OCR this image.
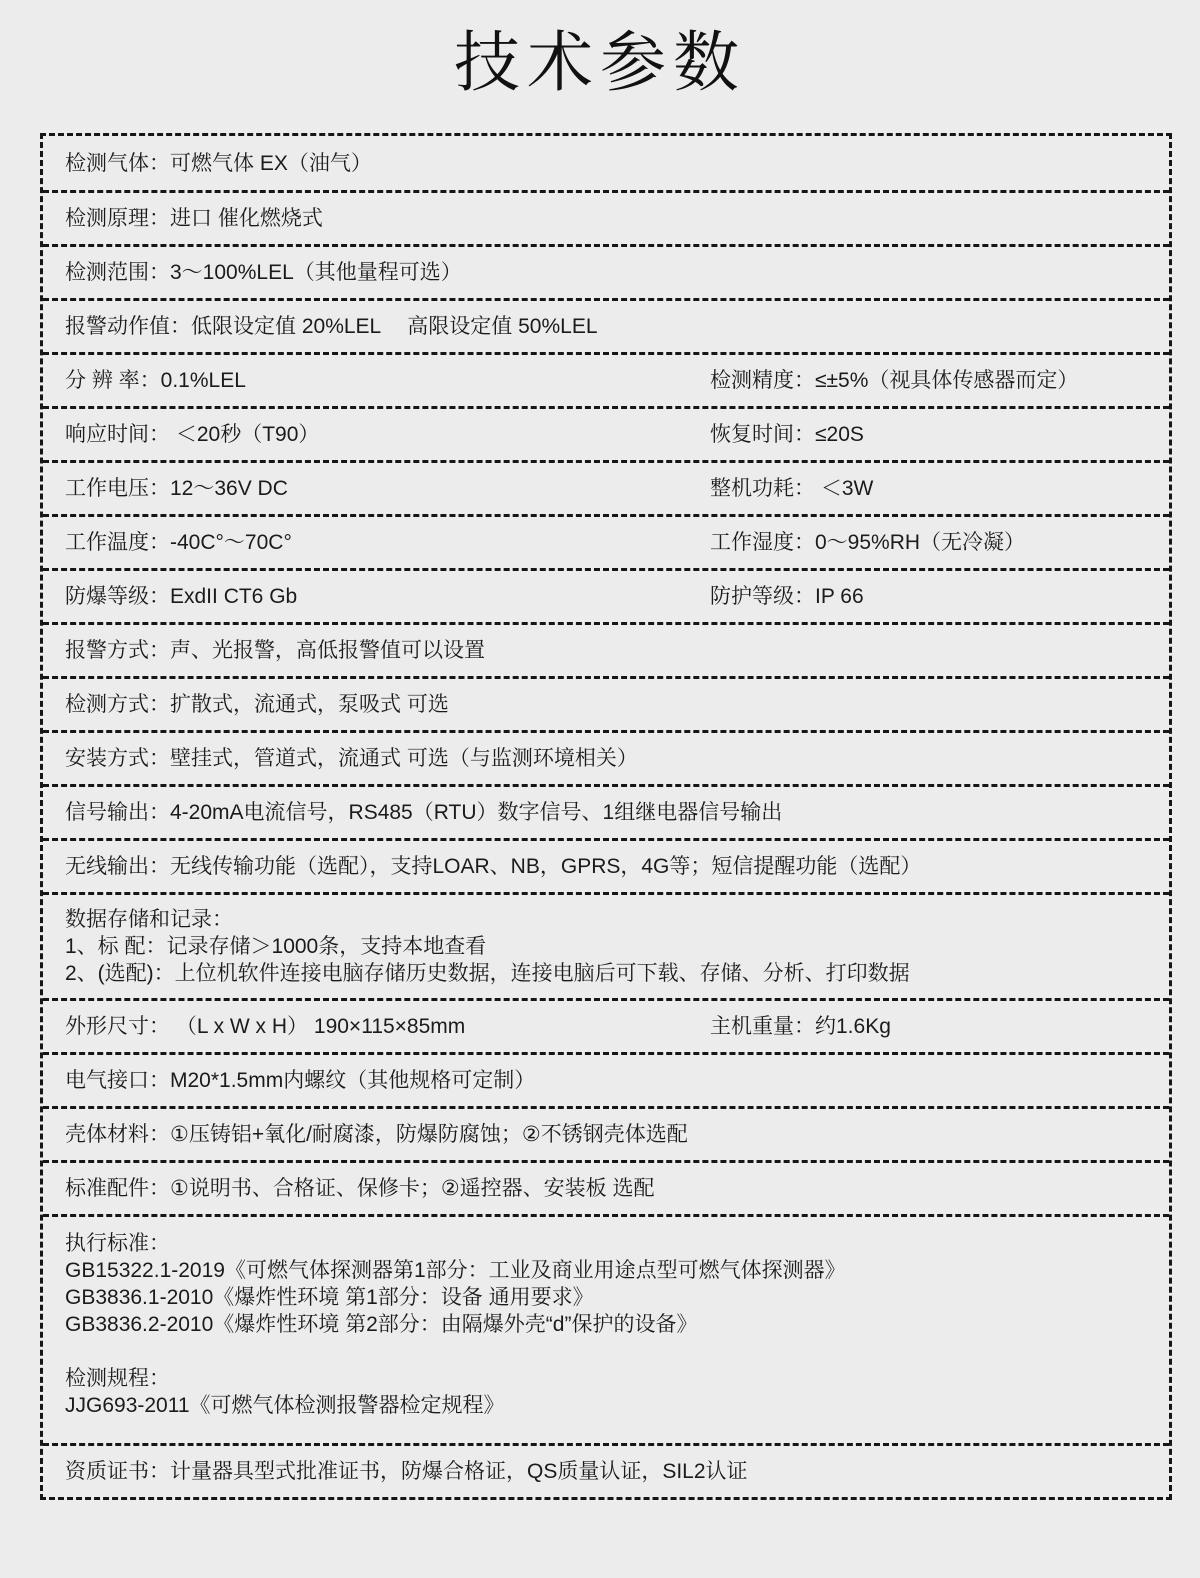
技术参数
检测气体：可燃气体 EX（油气）
检测原理：进口 催化燃烧式
检测范围：3～100%LEL（其他量程可选）
报警动作值：低限设定值 20%LEL　 高限设定值 50%LEL
分 辨 率：0.1%LEL	检测精度：≤±5%（视具体传感器而定）
响应时间： ＜20秒（T90）	恢复时间：≤20S
工作电压：12～36V DC	整机功耗： ＜3W
工作温度：-40C°～70C°	工作湿度：0～95%RH（无冷凝）
防爆等级：ExdII CT6 Gb	防护等级：IP 66
报警方式：声、光报警，高低报警值可以设置
检测方式：扩散式，流通式，泵吸式 可选
安装方式：壁挂式，管道式，流通式 可选（与监测环境相关）
信号输出：4-20mA电流信号，RS485（RTU）数字信号、1组继电器信号输出
无线输出：无线传输功能（选配），支持LOAR、NB，GPRS，4G等；短信提醒功能（选配）
数据存储和记录：
1、标 配：记录存储＞1000条，支持本地查看
2、(选配)：上位机软件连接电脑存储历史数据，连接电脑后可下载、存储、分析、打印数据
外形尺寸： （L x W x H） 190×115×85mm	主机重量：约1.6Kg
电气接口：M20*1.5mm内螺纹（其他规格可定制）
壳体材料：①压铸铝+氧化/耐腐漆，防爆防腐蚀；②不锈钢壳体选配
标准配件：①说明书、合格证、保修卡；②遥控器、安装板 选配
执行标准：
GB15322.1-2019《可燃气体探测器第1部分：工业及商业用途点型可燃气体探测器》
GB3836.1-2010《爆炸性环境 第1部分：设备 通用要求》
GB3836.2-2010《爆炸性环境 第2部分：由隔爆外壳“d”保护的设备》
检测规程：
JJG693-2011《可燃气体检测报警器检定规程》
资质证书：计量器具型式批准证书，防爆合格证，QS质量认证，SIL2认证
